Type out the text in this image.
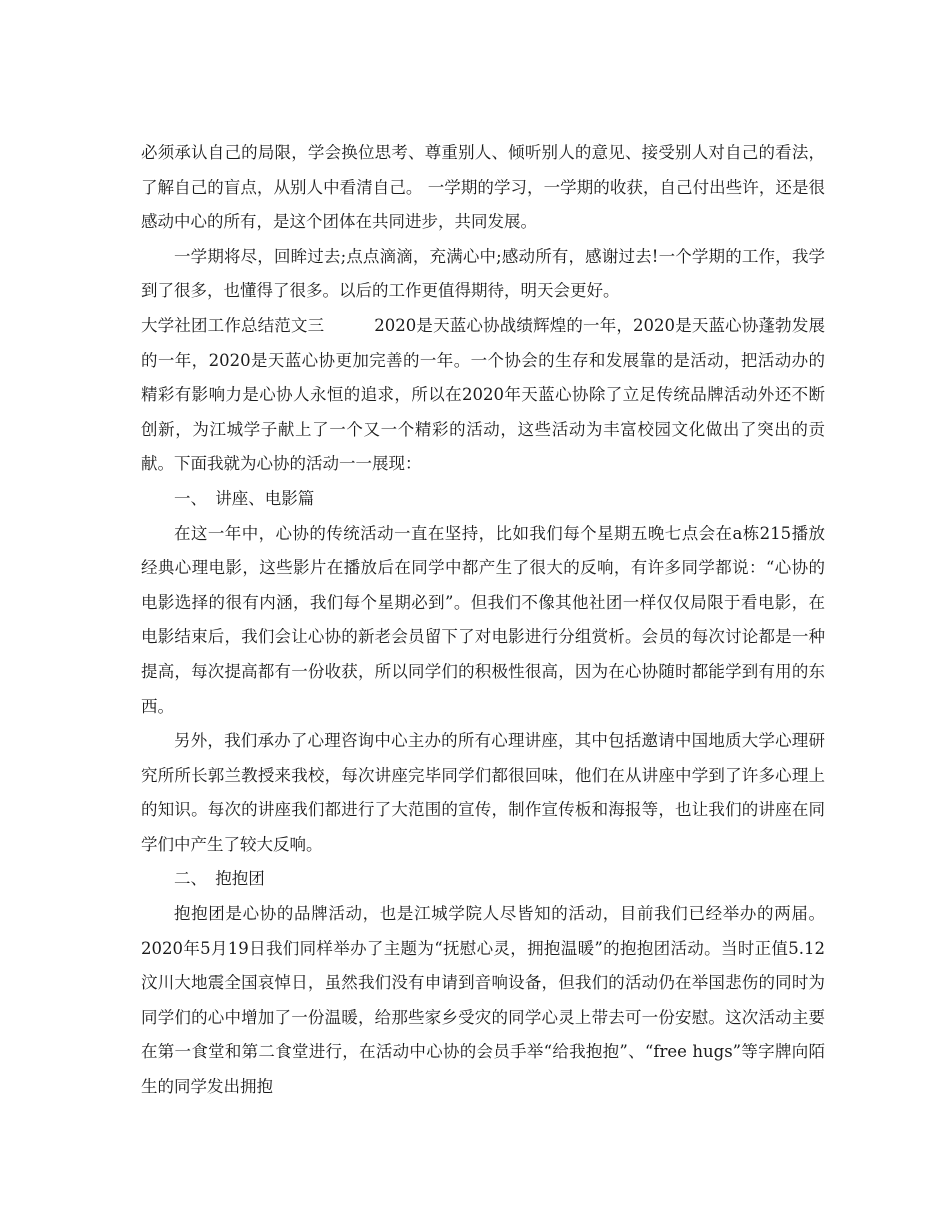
必须承认自己的局限，学会换位思考、尊重别人、倾听别人的意见、接受别人对自己的看法，了解自己的盲点，从别人中看清自己。 一学期的学习，一学期的收获，自己付出些许，还是很感动中心的所有，是这个团体在共同进步，共同发展。

一学期将尽，回眸过去;点点滴滴，充满心中;感动所有，感谢过去!一个学期的工作，我学到了很多，也懂得了很多。以后的工作更值得期待，明天会更好。

大学社团工作总结范文三　　　2020是天蓝心协战绩辉煌的一年，2020是天蓝心协蓬勃发展的一年，2020是天蓝心协更加完善的一年。一个协会的生存和发展靠的是活动，把活动办的精彩有影响力是心协人永恒的追求，所以在2020年天蓝心协除了立足传统品牌活动外还不断创新，为江城学子献上了一个又一个精彩的活动，这些活动为丰富校园文化做出了突出的贡献。下面我就为心协的活动一一展现：

一、　讲座、电影篇

在这一年中，心协的传统活动一直在坚持，比如我们每个星期五晚七点会在a栋215播放经典心理电影，这些影片在播放后在同学中都产生了很大的反响，有许多同学都说：“心协的电影选择的很有内涵，我们每个星期必到”。但我们不像其他社团一样仅仅局限于看电影，在电影结束后，我们会让心协的新老会员留下了对电影进行分组赏析。会员的每次讨论都是一种提高，每次提高都有一份收获，所以同学们的积极性很高，因为在心协随时都能学到有用的东西。

另外，我们承办了心理咨询中心主办的所有心理讲座，其中包括邀请中国地质大学心理研究所所长郭兰教授来我校，每次讲座完毕同学们都很回味，他们在从讲座中学到了许多心理上的知识。每次的讲座我们都进行了大范围的宣传，制作宣传板和海报等，也让我们的讲座在同学们中产生了较大反响。

二、　抱抱团

抱抱团是心协的品牌活动，也是江城学院人尽皆知的活动，目前我们已经举办的两届。2020年5月19日我们同样举办了主题为“抚慰心灵，拥抱温暖”的抱抱团活动。当时正值5.12汶川大地震全国哀悼日，虽然我们没有申请到音响设备，但我们的活动仍在举国悲伤的同时为同学们的心中增加了一份温暖，给那些家乡受灾的同学心灵上带去可一份安慰。这次活动主要在第一食堂和第二食堂进行，在活动中心协的会员手举“给我抱抱”、“free hugs”等字牌向陌生的同学发出拥抱
